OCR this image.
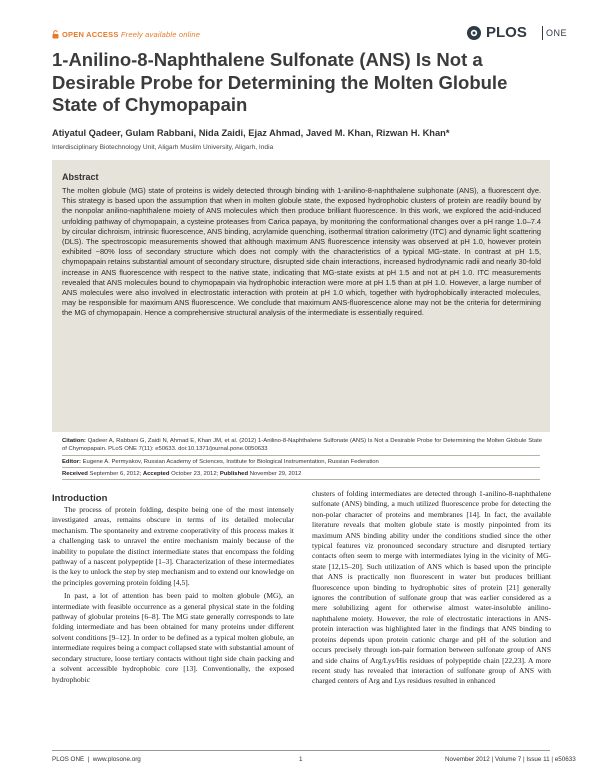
OPEN ACCESS Freely available online	PLOS ONE
1-Anilino-8-Naphthalene Sulfonate (ANS) Is Not a Desirable Probe for Determining the Molten Globule State of Chymopapain
Atiyatul Qadeer, Gulam Rabbani, Nida Zaidi, Ejaz Ahmad, Javed M. Khan, Rizwan H. Khan*
Interdisciplinary Biotechnology Unit, Aligarh Muslim University, Aligarh, India
Abstract
The molten globule (MG) state of proteins is widely detected through binding with 1-anilino-8-naphthalene sulphonate (ANS), a fluorescent dye. This strategy is based upon the assumption that when in molten globule state, the exposed hydrophobic clusters of protein are readily bound by the nonpolar anilino-naphthalene moiety of ANS molecules which then produce brilliant fluorescence. In this work, we explored the acid-induced unfolding pathway of chymopapain, a cysteine proteases from Carica papaya, by monitoring the conformational changes over a pH range 1.0–7.4 by circular dichroism, intrinsic fluorescence, ANS binding, acrylamide quenching, isothermal titration calorimetry (ITC) and dynamic light scattering (DLS). The spectroscopic measurements showed that although maximum ANS fluorescence intensity was observed at pH 1.0, however protein exhibited ~80% loss of secondary structure which does not comply with the characteristics of a typical MG-state. In contrast at pH 1.5, chymopapain retains substantial amount of secondary structure, disrupted side chain interactions, increased hydrodynamic radii and nearly 30-fold increase in ANS fluorescence with respect to the native state, indicating that MG-state exists at pH 1.5 and not at pH 1.0. ITC measurements revealed that ANS molecules bound to chymopapain via hydrophobic interaction were more at pH 1.5 than at pH 1.0. However, a large number of ANS molecules were also involved in electrostatic interaction with protein at pH 1.0 which, together with hydrophobically interacted molecules, may be responsible for maximum ANS fluorescence. We conclude that maximum ANS-fluorescence alone may not be the criteria for determining the MG of chymopapain. Hence a comprehensive structural analysis of the intermediate is essentially required.
Citation: Qadeer A, Rabbani G, Zaidi N, Ahmad E, Khan JM, et al. (2012) 1-Anilino-8-Naphthalene Sulfonate (ANS) Is Not a Desirable Probe for Determining the Molten Globule State of Chymopapain. PLoS ONE 7(11): e50633. doi:10.1371/journal.pone.0050633
Editor: Eugene A. Permyakov, Russian Academy of Sciences, Institute for Biological Instrumentation, Russian Federation
Received September 6, 2012; Accepted October 23, 2012; Published November 29, 2012
Introduction

The process of protein folding, despite being one of the most intensely investigated areas, remains obscure in terms of its detailed molecular mechanism. The spontaneity and extreme cooperativity of this process makes it a challenging task to unravel the entire mechanism mainly because of the inability to populate the distinct intermediate states that encompass the folding pathway of a nascent polypeptide [1–3]. Characterization of these intermediates is the key to unlock the step by step mechanism and to extend our knowledge on the principles governing protein folding [4,5].

In past, a lot of attention has been paid to molten globule (MG), an intermediate with feasible occurrence as a general physical state in the folding pathway of globular proteins [6–8]. The MG state generally corresponds to late folding intermediate and has been obtained for many proteins under different solvent conditions [9–12]. In order to be defined as a typical molten globule, an intermediate requires being a compact collapsed state with substantial amount of secondary structure, loose tertiary contacts without tight side chain packing and a solvent accessible hydrophobic core [13]. Conventionally, the exposed hydrophobic

clusters of folding intermediates are detected through 1-anilino-8-naphthalene sulfonate (ANS) binding, a much utilized fluorescence probe for detecting the non-polar character of proteins and membranes [14]. In fact, the available literature reveals that molten globule state is mostly pinpointed from its maximum ANS binding ability under the conditions studied since the other typical features viz pronounced secondary structure and disrupted tertiary contacts often seem to merge with intermediates lying in the vicinity of MG-state [12,15–20]. Such utilization of ANS which is based upon the principle that ANS is practically non fluorescent in water but produces brilliant fluorescence upon binding to hydrophobic sites of protein [21] generally ignores the contribution of sulfonate group that was earlier considered as a mere solubilizing agent for otherwise almost water-insoluble anilino-naphthalene moiety. However, the role of electrostatic interactions in ANS-protein interaction was highlighted later in the findings that ANS binding to proteins depends upon protein cationic charge and pH of the solution and occurs precisely through ion-pair formation between sulfonate group of ANS and side chains of Arg/Lys/His residues of polypeptide chain [22,23]. A more recent study has revealed that interaction of sulfonate group of ANS with charged centers of Arg and Lys residues resulted in enhanced

PLOS ONE  |  www.plosone.org	1	November 2012 | Volume 7 | Issue 11 | e50633
